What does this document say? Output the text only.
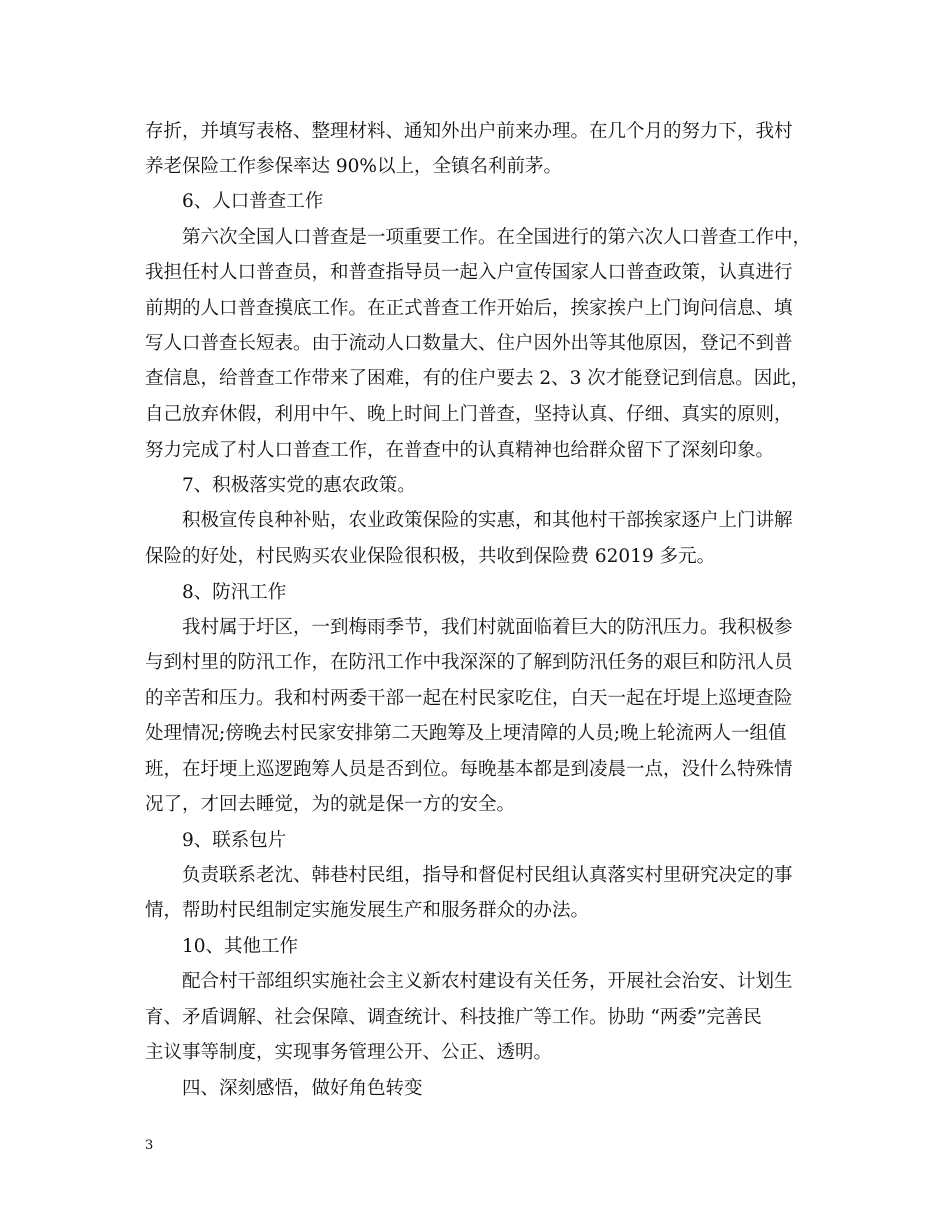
存折，并填写表格、整理材料、通知外出户前来办理。在几个月的努力下，我村
养老保险工作参保率达 90%以上，全镇名利前茅。
6、人口普查工作
第六次全国人口普查是一项重要工作。在全国进行的第六次人口普查工作中，
我担任村人口普查员，和普查指导员一起入户宣传国家人口普查政策，认真进行
前期的人口普查摸底工作。在正式普查工作开始后，挨家挨户上门询问信息、填
写人口普查长短表。由于流动人口数量大、住户因外出等其他原因，登记不到普
查信息，给普查工作带来了困难，有的住户要去 2、3 次才能登记到信息。因此，
自己放弃休假，利用中午、晚上时间上门普查，坚持认真、仔细、真实的原则，
努力完成了村人口普查工作，在普查中的认真精神也给群众留下了深刻印象。
7、积极落实党的惠农政策。
积极宣传良种补贴，农业政策保险的实惠，和其他村干部挨家逐户上门讲解
保险的好处，村民购买农业保险很积极，共收到保险费 62019 多元。
8、防汛工作
我村属于圩区，一到梅雨季节，我们村就面临着巨大的防汛压力。我积极参
与到村里的防汛工作，在防汛工作中我深深的了解到防汛任务的艰巨和防汛人员
的辛苦和压力。我和村两委干部一起在村民家吃住，白天一起在圩堤上巡埂查险
处理情况;傍晚去村民家安排第二天跑筹及上埂清障的人员;晚上轮流两人一组值
班，在圩埂上巡逻跑筹人员是否到位。每晚基本都是到凌晨一点，没什么特殊情
况了，才回去睡觉，为的就是保一方的安全。
9、联系包片
负责联系老沈、韩巷村民组，指导和督促村民组认真落实村里研究决定的事
情，帮助村民组制定实施发展生产和服务群众的办法。
10、其他工作
配合村干部组织实施社会主义新农村建设有关任务，开展社会治安、计划生
育、矛盾调解、社会保障、调查统计、科技推广等工作。协助 “两委”完善民
主议事等制度，实现事务管理公开、公正、透明。
四、深刻感悟，做好角色转变
3
